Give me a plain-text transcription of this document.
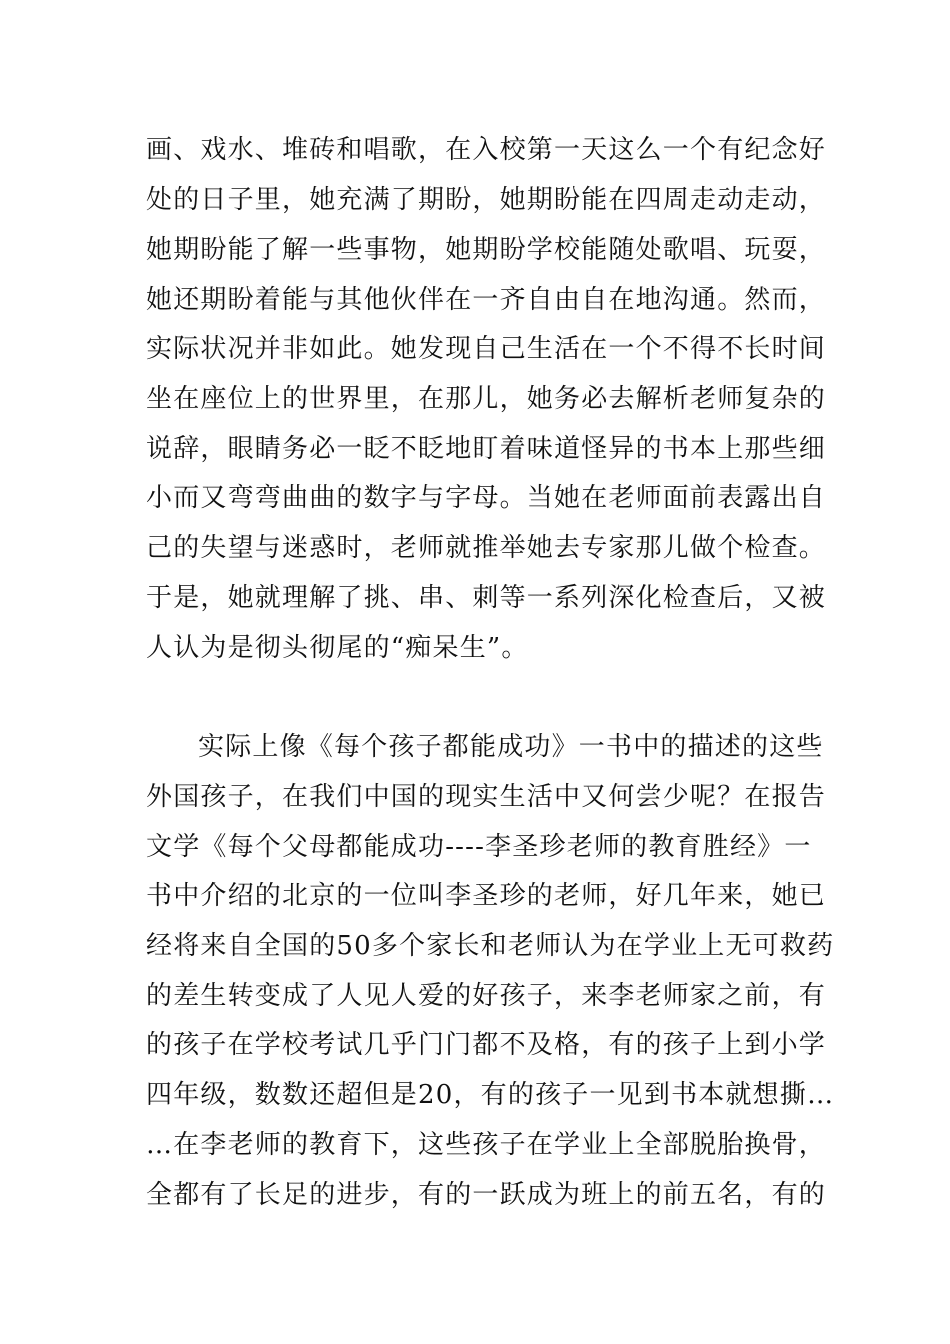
画、戏水、堆砖和唱歌，在入校第一天这么一个有纪念好

处的日子里，她充满了期盼，她期盼能在四周走动走动，

她期盼能了解一些事物，她期盼学校能随处歌唱、玩耍，

她还期盼着能与其他伙伴在一齐自由自在地沟通。然而，

实际状况并非如此。她发现自己生活在一个不得不长时间

坐在座位上的世界里，在那儿，她务必去解析老师复杂的

说辞，眼睛务必一眨不眨地盯着味道怪异的书本上那些细

小而又弯弯曲曲的数字与字母。当她在老师面前表露出自

己的失望与迷惑时，老师就推举她去专家那儿做个检查。

于是，她就理解了挑、串、刺等一系列深化检查后，又被

人认为是彻头彻尾的“痴呆生”。

实际上像《每个孩子都能成功》一书中的描述的这些

外国孩子，在我们中国的现实生活中又何尝少呢？在报告

文学《每个父母都能成功----李圣珍老师的教育胜经》一

书中介绍的北京的一位叫李圣珍的老师，好几年来，她已

经将来自全国的50多个家长和老师认为在学业上无可救药

的差生转变成了人见人爱的好孩子，来李老师家之前，有

的孩子在学校考试几乎门门都不及格，有的孩子上到小学

四年级，数数还超但是20，有的孩子一见到书本就想撕…

…在李老师的教育下，这些孩子在学业上全部脱胎换骨，

全都有了长足的进步，有的一跃成为班上的前五名，有的
